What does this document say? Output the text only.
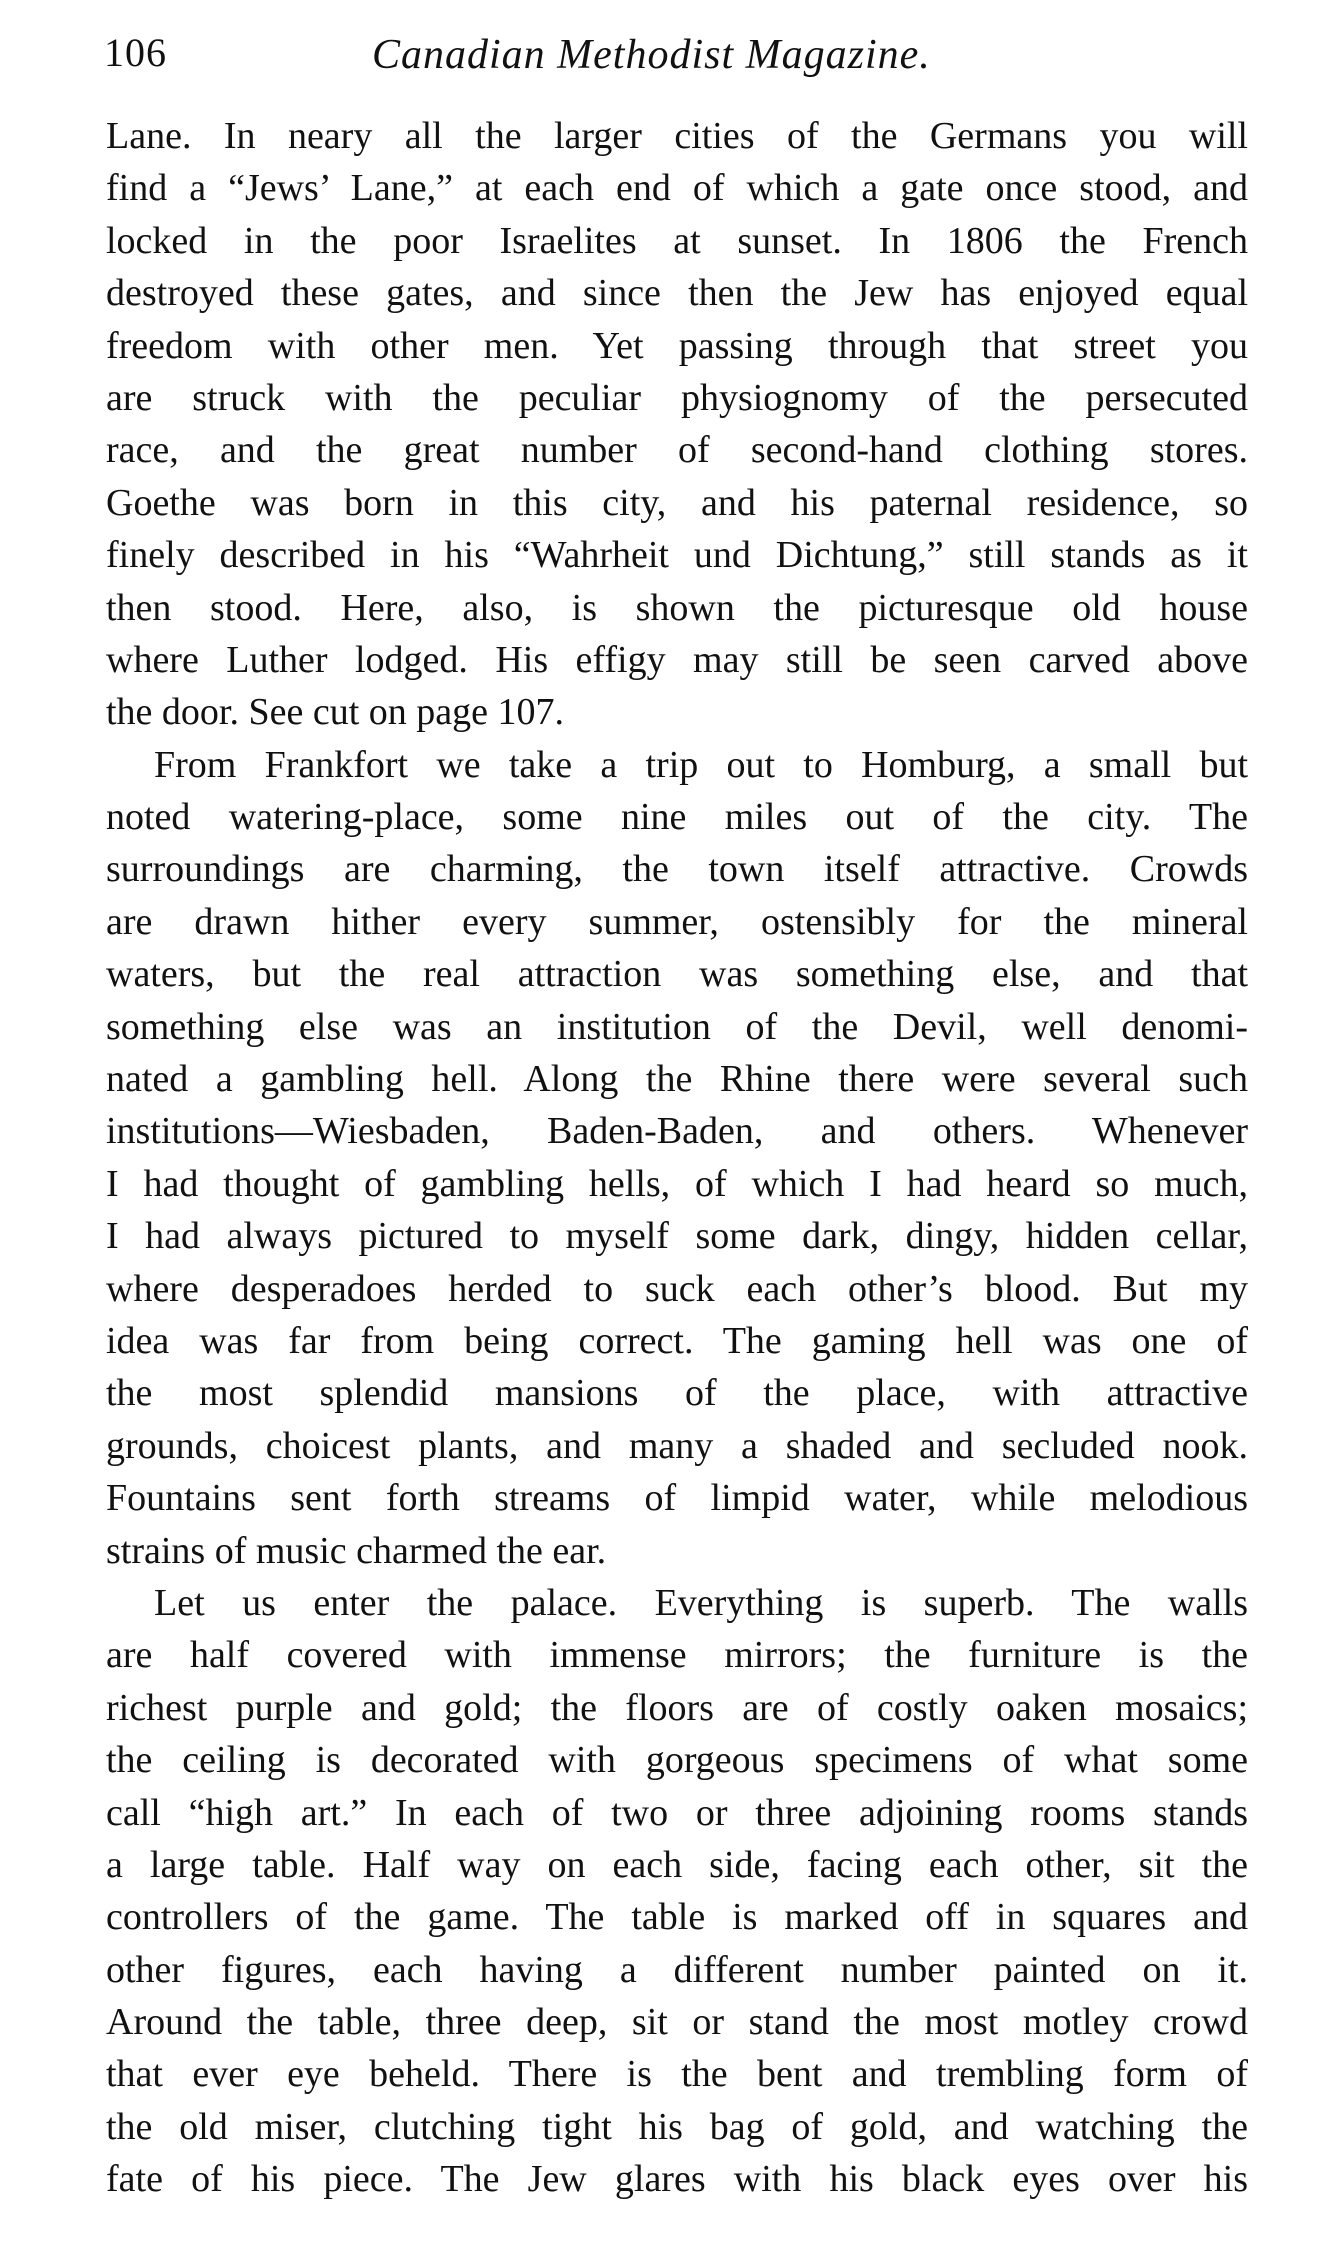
106	Canadian Methodist Magazine.
Lane. In neary all the larger cities of the Germans you will
find a “Jews’ Lane,” at each end of which a gate once stood, and
locked in the poor Israelites at sunset. In 1806 the French
destroyed these gates, and since then the Jew has enjoyed equal
freedom with other men. Yet passing through that street you
are struck with the peculiar physiognomy of the persecuted
race, and the great number of second-hand clothing stores.
Goethe was born in this city, and his paternal residence, so
finely described in his “Wahrheit und Dichtung,” still stands as it
then stood. Here, also, is shown the picturesque old house
where Luther lodged. His effigy may still be seen carved above
the door. See cut on page 107.
From Frankfort we take a trip out to Homburg, a small but
noted watering-place, some nine miles out of the city. The
surroundings are charming, the town itself attractive. Crowds
are drawn hither every summer, ostensibly for the mineral
waters, but the real attraction was something else, and that
something else was an institution of the Devil, well denomi-
nated a gambling hell. Along the Rhine there were several such
institutions—Wiesbaden, Baden-Baden, and others. Whenever
I had thought of gambling hells, of which I had heard so much,
I had always pictured to myself some dark, dingy, hidden cellar,
where desperadoes herded to suck each other’s blood. But my
idea was far from being correct. The gaming hell was one of
the most splendid mansions of the place, with attractive
grounds, choicest plants, and many a shaded and secluded nook.
Fountains sent forth streams of limpid water, while melodious
strains of music charmed the ear.
Let us enter the palace. Everything is superb. The walls
are half covered with immense mirrors; the furniture is the
richest purple and gold; the floors are of costly oaken mosaics;
the ceiling is decorated with gorgeous specimens of what some
call “high art.” In each of two or three adjoining rooms stands
a large table. Half way on each side, facing each other, sit the
controllers of the game. The table is marked off in squares and
other figures, each having a different number painted on it.
Around the table, three deep, sit or stand the most motley crowd
that ever eye beheld. There is the bent and trembling form of
the old miser, clutching tight his bag of gold, and watching the
fate of his piece. The Jew glares with his black eyes over his
